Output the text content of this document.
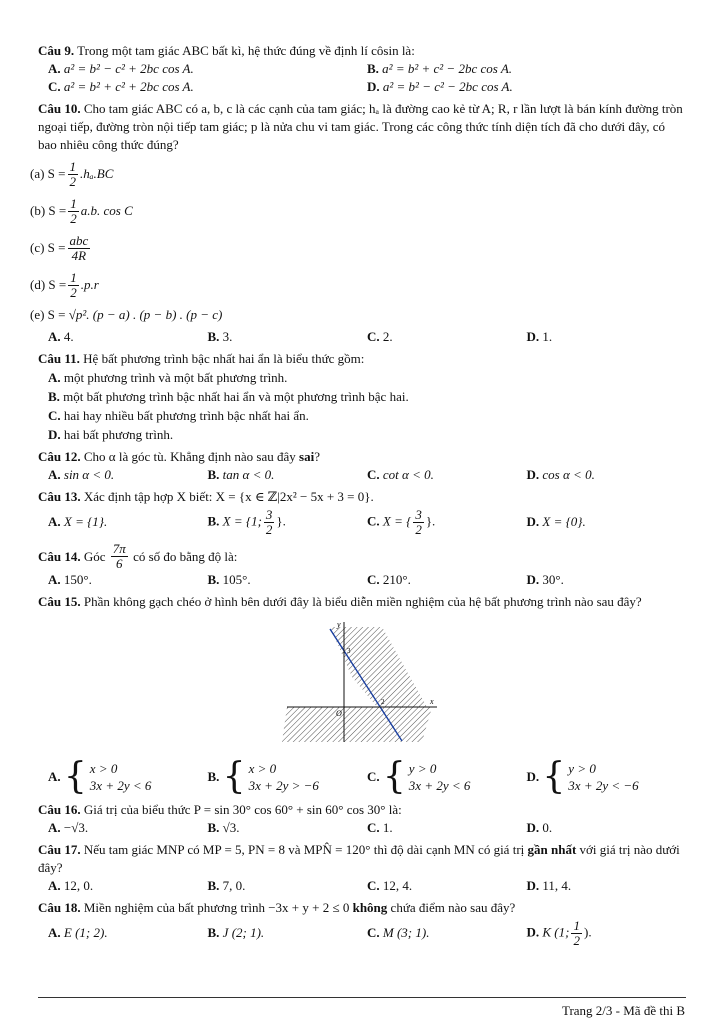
Câu 9. Trong một tam giác ABC bất kì, hệ thức đúng về định lí côsin là:

A. a² = b² − c² + 2bc cos A.	B. a² = b² + c² − 2bc cos A.
C. a² = b² + c² + 2bc cos A.	D. a² = b² − c² − 2bc cos A.

Câu 10. Cho tam giác ABC có a, b, c là các cạnh của tam giác; hₐ là đường cao kẻ từ A; R, r lần lượt là bán kính đường tròn ngoại tiếp, đường tròn nội tiếp tam giác; p là nửa chu vi tam giác. Trong các công thức tính diện tích đã cho dưới đây, có bao nhiêu công thức đúng?

(a) $S = \frac{1}{2} .h_a.BC$
(b) $S = \frac{1}{2} a.b$. cos C
(c) $S = \frac{\text{abc}}{4R}$
(d) $S = \frac{1}{2} .p.r$
(e) S =
√p². (p − a) . (p − b) . (p − c)
A. 4.	B. 3.	C. 2.	D. 1.

Câu 11. Hệ bất phương trình bậc nhất hai ẩn là biểu thức gồm:

A. một phương trình và một bất phương trình.
B. một bất phương trình bậc nhất hai ẩn và một phương trình bậc hai.
C. hai hay nhiều bất phương trình bậc nhất hai ẩn.
D. hai bất phương trình.

Câu 12. Cho α là góc tù. Khẳng định nào sau đây sai?

A. sin α < 0.	B. tan α < 0.	C. cot α < 0.	D. cos α < 0.

Câu 13. Xác định tập hợp X biết: X = {x ∈ ℤ|2x² − 5x + 3 = 0}.

A. X = {1}.	B. X = {1; $\frac{3}{2}$ }.	C. X = { $\frac{3}{2}$ }.	D. X = {0}.

Câu 14.
Góc
$\frac{7\pi}{6}$
có số đo bằng độ là:

A. 150°.	B. 105°.	C. 210°.	D. 30°.

Câu 15. Phần không gạch chéo ở hình bên dưới đây là biểu diễn miền nghiệm của hệ bất phương trình nào sau đây?

y
x
O
3
2
A.
{ x > 0
3x + 2y < 6
B.
{ x > 0
3x + 2y > −6
C.
{ y > 0
3x + 2y < 6
D.
{ y > 0
3x + 2y < −6

Câu 16. Giá trị của biểu thức P = sin 30° cos 60° + sin 60° cos 30° là:

A. −√3.	B. √3.	C. 1.	D. 0.

Câu 17. Nếu tam giác MNP có MP = 5, PN = 8 và MPN̂ = 120° thì độ dài cạnh MN có giá trị gần nhất với giá trị nào dưới đây?

A. 12, 0.	B. 7, 0.	C. 12, 4.	D. 11, 4.

Câu 18. Miền nghiệm của bất phương trình −3x + y + 2 ≤ 0 không chứa điểm nào sau đây?

A. E (1; 2).	B. J (2; 1).	C. M (3; 1).	D. K (1; $\frac{1}{2}$ ).
Trang 2/3 - Mã đề thi B
